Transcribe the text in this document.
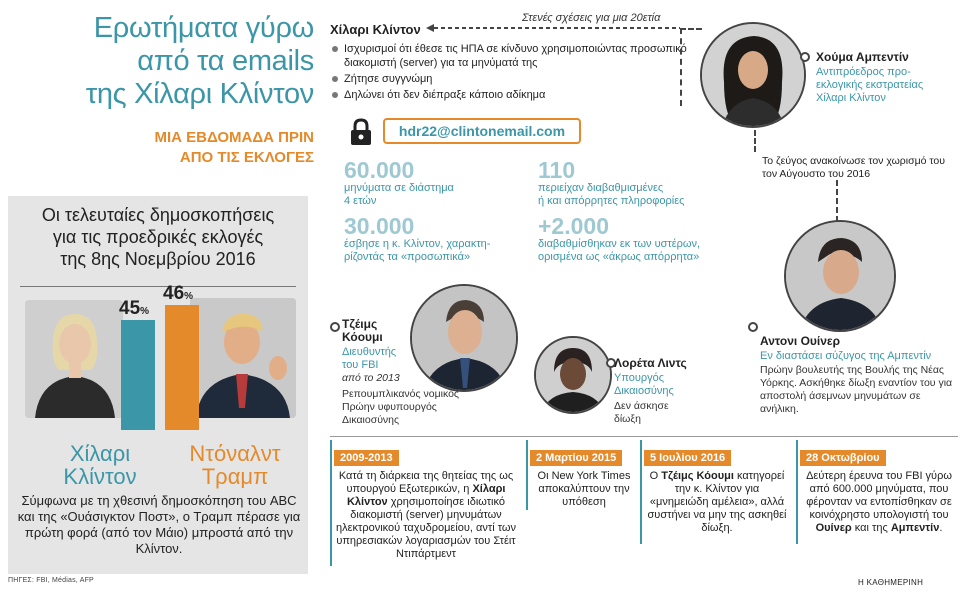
Ερωτήματα γύρω
από τα emails
της Χίλαρι Κλίντον
ΜΙΑ ΕΒΔΟΜΑΔΑ ΠΡΙΝ
ΑΠΟ ΤΙΣ ΕΚΛΟΓΕΣ
Οι τελευταίες δημοσκοπήσεις
για τις προεδρικές εκλογές
της 8ης Νοεμβρίου 2016
45%
46%
Χίλαρι
Κλίντον
Ντόναλντ
Τραμπ
Σύμφωνα με τη χθεσινή δημοσκόπηση του ABC και της «Ουάσιγκτον Ποστ», ο Τραμπ πέρασε για πρώτη φορά (από τον Μάιο) μπροστά από την Κλίντον.
ΠΗΓΕΣ: FBI, Médias, AFP	Η ΚΑΘΗΜΕΡΙΝΗ
Χίλαρι Κλίντον
Στενές σχέσεις για μια 20ετία
Ισχυρισμοί ότι έθεσε τις ΗΠΑ σε κίνδυνο χρησιμοποιώντας προσωπικό διακομιστή (server) για τα μηνύματά της
Ζήτησε συγγνώμη
Δηλώνει ότι δεν διέπραξε κάποιο αδίκημα
hdr22@clintonemail.com
60.000
μηνύματα σε διάστημα
4 ετών
30.000
έσβησε η κ. Κλίντον, χαρακτη-
ρίζοντάς τα «προσωπικά»
110
περιείχαν διαβαθμισμένες
ή και απόρρητες πληροφορίες
+2.000
διαβαθμίσθηκαν εκ των υστέρων,
ορισμένα ως «άκρως απόρρητα»
Χούμα Αμπεντίν
Αντιπρόεδρος προ-
εκλογικής εκστρατείας
Χίλαρι Κλίντον
Το ζεύγος ανακοίνωσε τον χωρισμό του τον Αύγουστο του 2016
Αντονι Ουίνερ
Εν διαστάσει σύζυγος της Αμπεντίν
Πρώην βουλευτής της Βουλής της Νέας Υόρκης. Ασκήθηκε δίωξη εναντίον του για αποστολή άσεμνων μηνυμάτων σε ανήλικη.
Τζέιμς
Κόουμι
Διευθυντής
του FBI
από το 2013
Ρεπουμπλικανός νομικός
Πρώην υφυπουργός
Δικαιοσύνης
Λορέτα Λιντς
Υπουργός
Δικαιοσύνης
Δεν άσκησε
δίωξη
2009-2013
Κατά τη διάρκεια της θητείας της ως υπουργού Εξωτερικών, η Χίλαρι Κλίντον χρησιμοποίησε ιδιωτικό διακομιστή (server) μηνυμάτων ηλεκτρονικού ταχυδρομείου, αντί των υπηρεσιακών λογαριασμών του Στέιτ Ντιπάρτμεντ
2 Μαρτίου 2015
Οι New York Times αποκαλύπτουν την υπόθεση
5 Ιουλίου 2016
Ο Τζέιμς Κόουμι κατηγορεί την κ. Κλίντον για «μνημειώδη αμέλεια», αλλά συστήνει να μην της ασκηθεί δίωξη.
28 Οκτωβρίου
Δεύτερη έρευνα του FBI γύρω από 600.000 μηνύματα, που φέρονταν να εντοπίσθηκαν σε κοινόχρηστο υπολογιστή του Ουίνερ και της Αμπεντίν.
